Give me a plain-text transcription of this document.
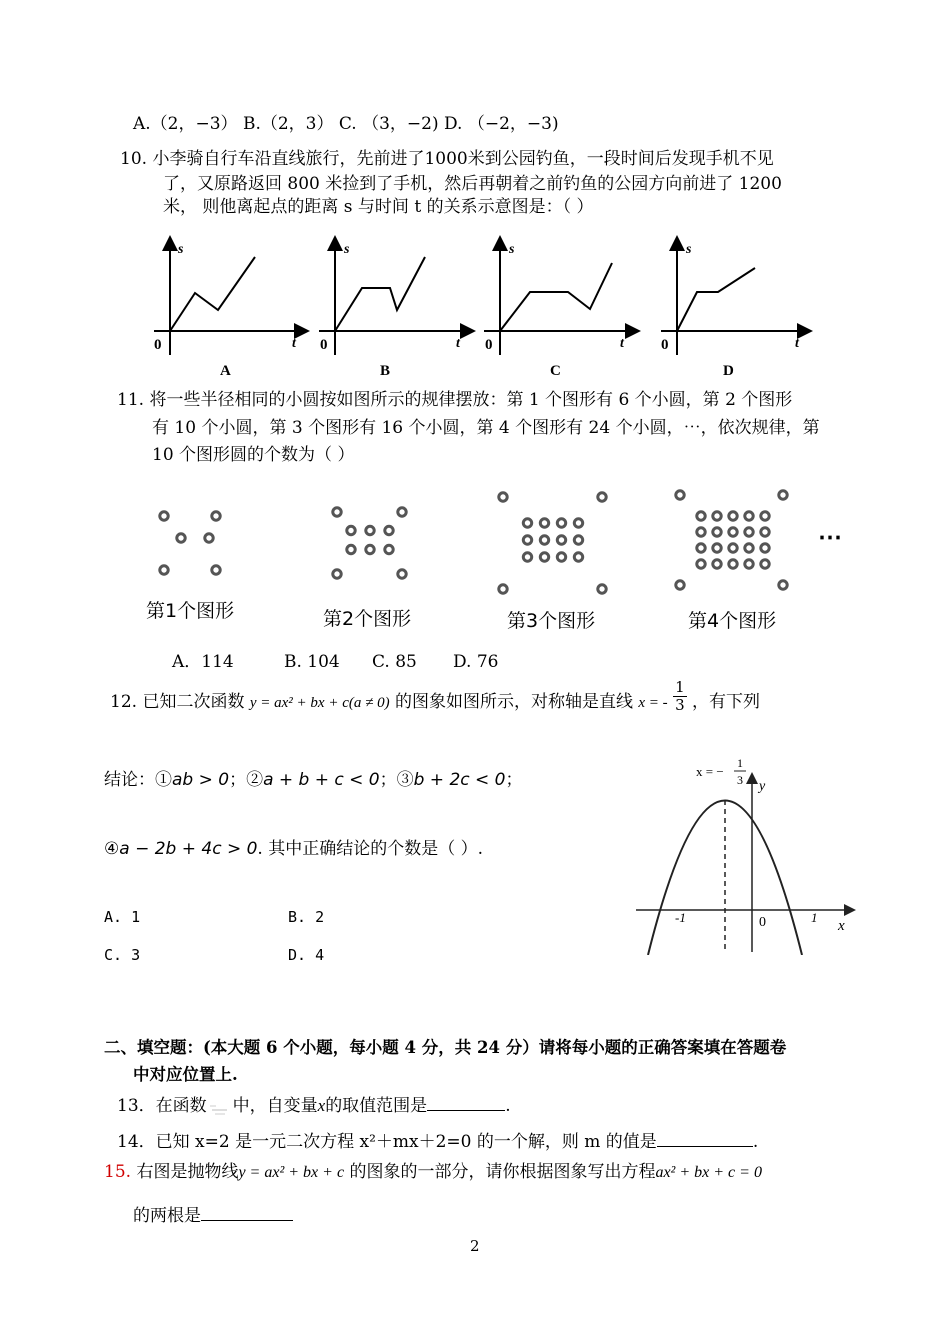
A.（2，−3） B.（2，3） C. （3，−2) D. （−2，−3)
10. 小李骑自行车沿直线旅行，先前进了1000米到公园钓鱼，一段时间后发现手机不见
了，又原路返回 800 米捡到了手机，然后再朝着之前钓鱼的公园方向前进了 1200
米， 则他离起点的距离 s 与时间 t 的关系示意图是：（ ）
s
t
0
A
s
t
0
B
s
t
0
C
s
t
0
D
11. 将一些半径相同的小圆按如图所示的规律摆放：第 1 个图形有 6 个小圆，第 2 个图形
有 10 个小圆，第 3 个图形有 16 个小圆，第 4 个图形有 24 个小圆，⋯，依次规律，第
10 个图形圆的个数为（ ）
第1个图形	第2个图形	第3个图形	第4个图形
⋯
A．114	B. 104 C. 85 D. 76
12. 已知二次函数 y = ax² + bx + c(a ≠ 0) 的图象如图所示，对称轴是直线 x = - $\frac{1}{3}$ ，有下列
结论：①ab > 0；②a + b + c < 0；③b + 2c < 0；
④a − 2b + 4c > 0. 其中正确结论的个数是（ ）.
A. 1	B. 2
C. 3	D. 4
x = −
1
3 y
x
-1	0	1
二、填空题：(本大题 6 个小题，每小题 4 分，共 24 分）请将每小题的正确答案填在答题卷
中对应位置上.
13．在函数 中，自变量x的取值范围是	.
14．已知 x=2 是一元二次方程 x²＋mx＋2=0 的一个解，则 m 的值是	.
15. 右图是抛物线y = ax² + bx + c 的图象的一部分，请你根据图象写出方程ax² + bx + c = 0
的两根是
2
